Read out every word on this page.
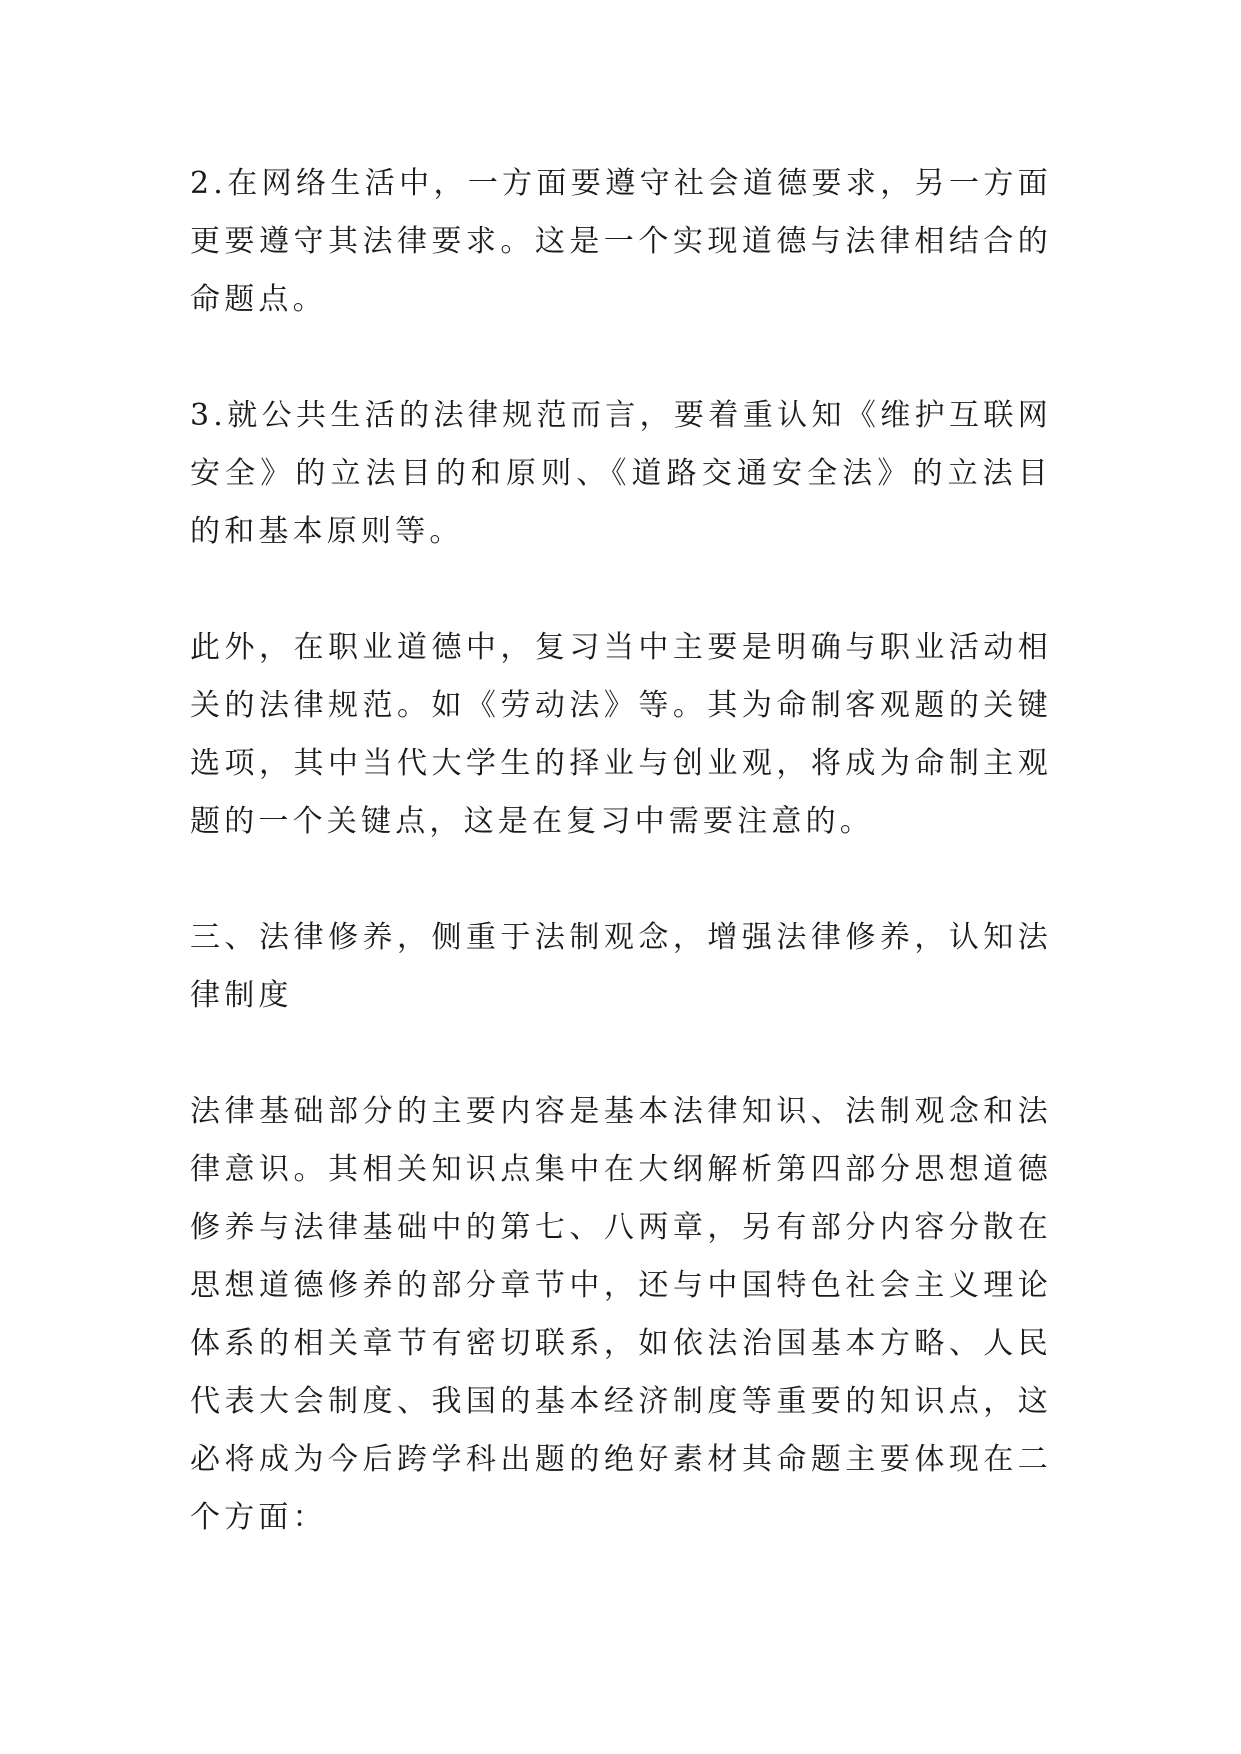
2.在网络生活中，一方面要遵守社会道德要求，另一方面更要遵守其法律要求。这是一个实现道德与法律相结合的命题点。

3.就公共生活的法律规范而言，要着重认知《维护互联网安全》的立法目的和原则、《道路交通安全法》的立法目的和基本原则等。

此外，在职业道德中，复习当中主要是明确与职业活动相关的法律规范。如《劳动法》等。其为命制客观题的关键选项，其中当代大学生的择业与创业观，将成为命制主观题的一个关键点，这是在复习中需要注意的。

三、法律修养，侧重于法制观念，增强法律修养，认知法律制度

法律基础部分的主要内容是基本法律知识、法制观念和法律意识。其相关知识点集中在大纲解析第四部分思想道德修养与法律基础中的第七、八两章，另有部分内容分散在思想道德修养的部分章节中，还与中国特色社会主义理论体系的相关章节有密切联系，如依法治国基本方略、人民代表大会制度、我国的基本经济制度等重要的知识点，这必将成为今后跨学科出题的绝好素材其命题主要体现在二个方面：
